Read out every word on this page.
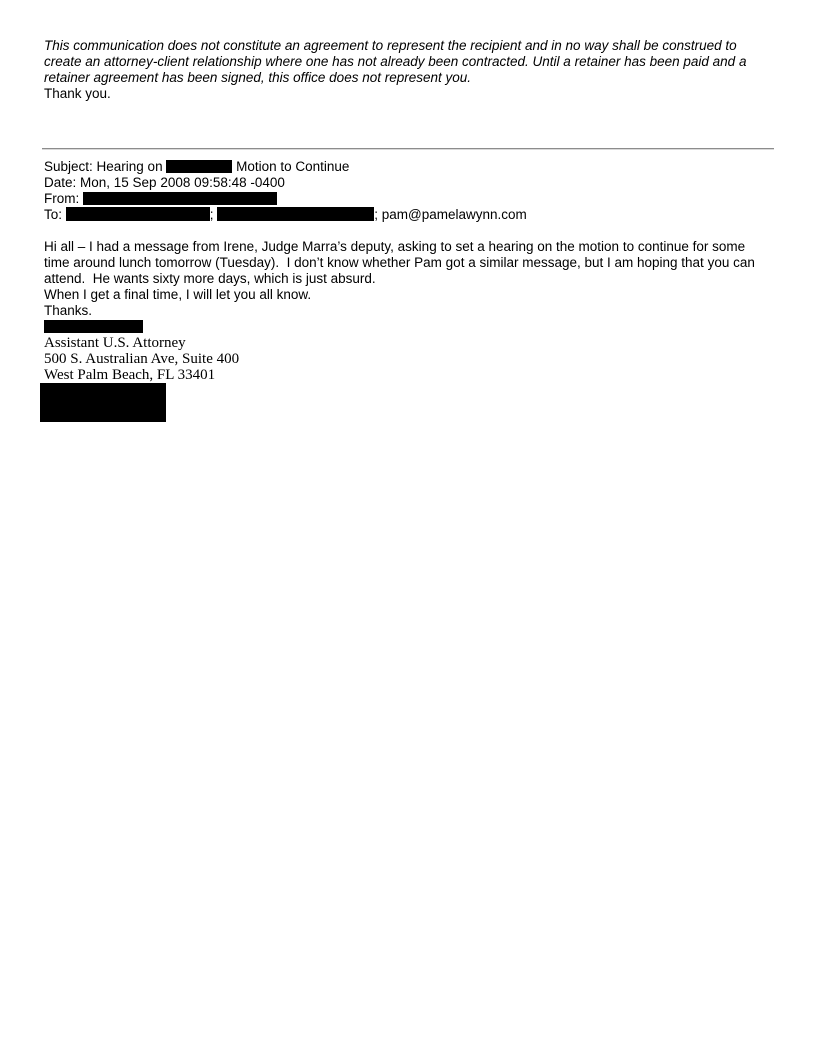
This communication does not constitute an agreement to represent the recipient and in no way shall be construed to
create an attorney-client relationship where one has not already been contracted. Until a retainer has been paid and a
retainer agreement has been signed, this office does not represent you.
Thank you.
Subject: Hearing on	Motion to Continue
Date: Mon, 15 Sep 2008 09:58:48 -0400
From:
To:	;	; pam@pamelawynn.com
Hi all – I had a message from Irene, Judge Marra’s deputy, asking to set a hearing on the motion to continue for some
time around lunch tomorrow (Tuesday).  I don’t know whether Pam got a similar message, but I am hoping that you can
attend.  He wants sixty more days, which is just absurd.
When I get a final time, I will let you all know.
Thanks.
Assistant U.S. Attorney
500 S. Australian Ave, Suite 400
West Palm Beach, FL 33401
